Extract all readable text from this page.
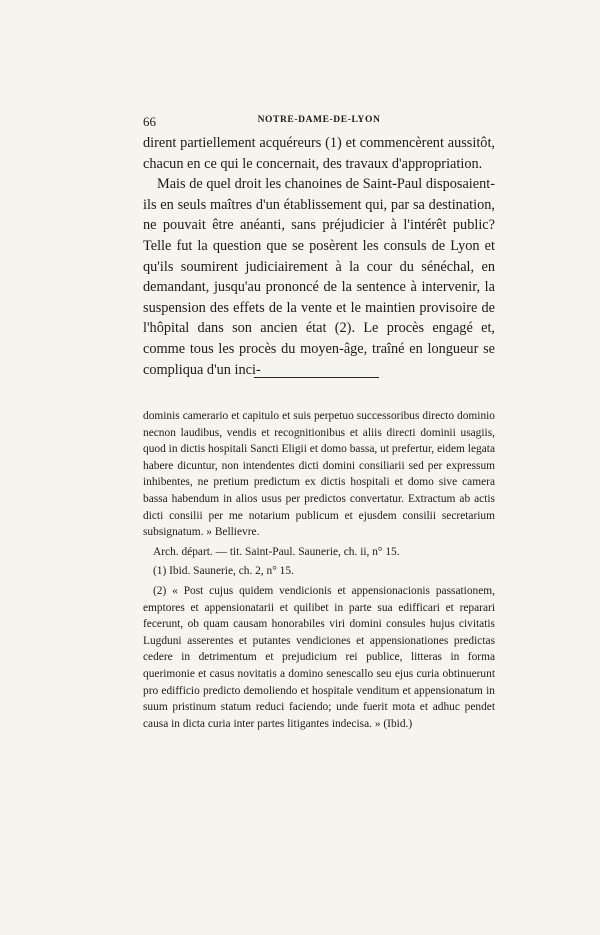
66	NOTRE-DAME-DE-LYON

dirent partiellement acquéreurs (1) et commencèrent aussitôt, chacun en ce qui le concernait, des travaux d'appropriation.

Mais de quel droit les chanoines de Saint-Paul disposaient-ils en seuls maîtres d'un établissement qui, par sa destination, ne pouvait être anéanti, sans préjudicier à l'intérêt public? Telle fut la question que se posèrent les consuls de Lyon et qu'ils soumirent judiciairement à la cour du sénéchal, en demandant, jusqu'au prononcé de la sentence à intervenir, la suspension des effets de la vente et le maintien provisoire de l'hôpital dans son ancien état (2). Le procès engagé et, comme tous les procès du moyen-âge, traîné en longueur se compliqua d'un inci-

dominis camerario et capitulo et suis perpetuo successoribus directo dominio necnon laudibus, vendis et recognitionibus et aliis directi dominii usagiis, quod in dictis hospitali Sancti Eligii et domo bassa, ut prefertur, eidem legata habere dicuntur, non intendentes dicti domini consiliarii sed per expressum inhibentes, ne pretium predictum ex dictis hospitali et domo sive camera bassa habendum in alios usus per predictos convertatur. Extractum ab actis dicti consilii per me notarium publicum et ejusdem consilii secretarium subsignatum. » Bellievre.

Arch. départ. — tit. Saint-Paul. Saunerie, ch. ii, n° 15.

(1) Ibid. Saunerie, ch. 2, n° 15.

(2) « Post cujus quidem vendicionis et appensionacionis passationem, emptores et appensionatarii et quilibet in parte sua edifficari et reparari fecerunt, ob quam causam honorabiles viri domini consules hujus civitatis Lugduni asserentes et putantes vendiciones et appensionationes predictas cedere in detrimentum et prejudicium rei publice, litteras in forma querimonie et casus novitatis a domino senescallo seu ejus curia obtinuerunt pro edifficio predicto demoliendo et hospitale venditum et appensionatum in suum pristinum statum reduci faciendo; unde fuerit mota et adhuc pendet causa in dicta curia inter partes litigantes indecisa. » (Ibid.)
